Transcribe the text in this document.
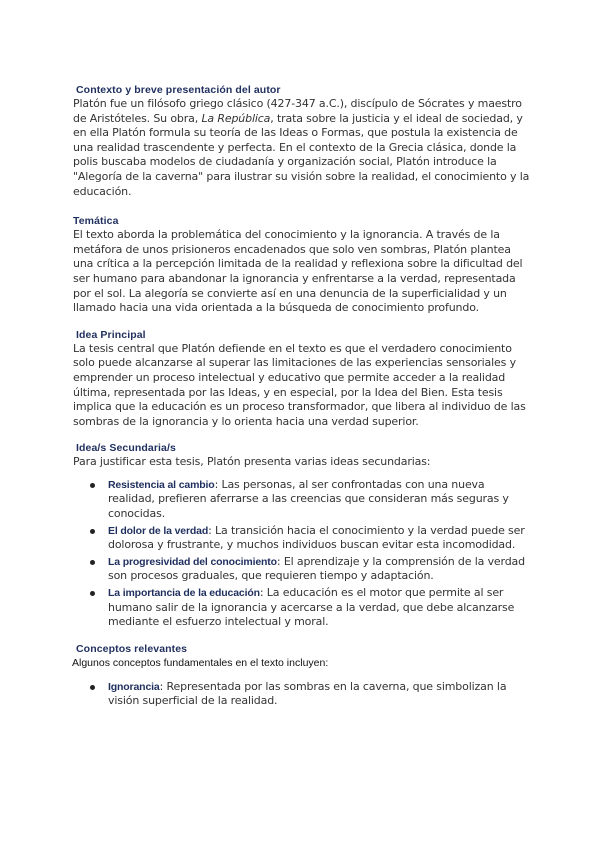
Contexto y breve presentación del autor

Platón fue un filósofo griego clásico (427-347 a.C.), discípulo de Sócrates y maestro de Aristóteles. Su obra, La República, trata sobre la justicia y el ideal de sociedad, y en ella Platón formula su teoría de las Ideas o Formas, que postula la existencia de una realidad trascendente y perfecta. En el contexto de la Grecia clásica, donde la polis buscaba modelos de ciudadanía y organización social, Platón introduce la "Alegoría de la caverna" para ilustrar su visión sobre la realidad, el conocimiento y la educación.

Temática

El texto aborda la problemática del conocimiento y la ignorancia. A través de la metáfora de unos prisioneros encadenados que solo ven sombras, Platón plantea una crítica a la percepción limitada de la realidad y reflexiona sobre la dificultad del ser humano para abandonar la ignorancia y enfrentarse a la verdad, representada por el sol. La alegoría se convierte así en una denuncia de la superficialidad y un llamado hacia una vida orientada a la búsqueda de conocimiento profundo.

Idea Principal

La tesis central que Platón defiende en el texto es que el verdadero conocimiento solo puede alcanzarse al superar las limitaciones de las experiencias sensoriales y emprender un proceso intelectual y educativo que permite acceder a la realidad última, representada por las Ideas, y en especial, por la Idea del Bien. Esta tesis implica que la educación es un proceso transformador, que libera al individuo de las sombras de la ignorancia y lo orienta hacia una verdad superior.

Idea/s Secundaria/s

Para justificar esta tesis, Platón presenta varias ideas secundarias:

Resistencia al cambio: Las personas, al ser confrontadas con una nueva realidad, prefieren aferrarse a las creencias que consideran más seguras y conocidas.
El dolor de la verdad: La transición hacia el conocimiento y la verdad puede ser dolorosa y frustrante, y muchos individuos buscan evitar esta incomodidad.
La progresividad del conocimiento: El aprendizaje y la comprensión de la verdad son procesos graduales, que requieren tiempo y adaptación.
La importancia de la educación: La educación es el motor que permite al ser humano salir de la ignorancia y acercarse a la verdad, que debe alcanzarse mediante el esfuerzo intelectual y moral.

Conceptos relevantes

Algunos conceptos fundamentales en el texto incluyen:

Ignorancia: Representada por las sombras en la caverna, que simbolizan la visión superficial de la realidad.
